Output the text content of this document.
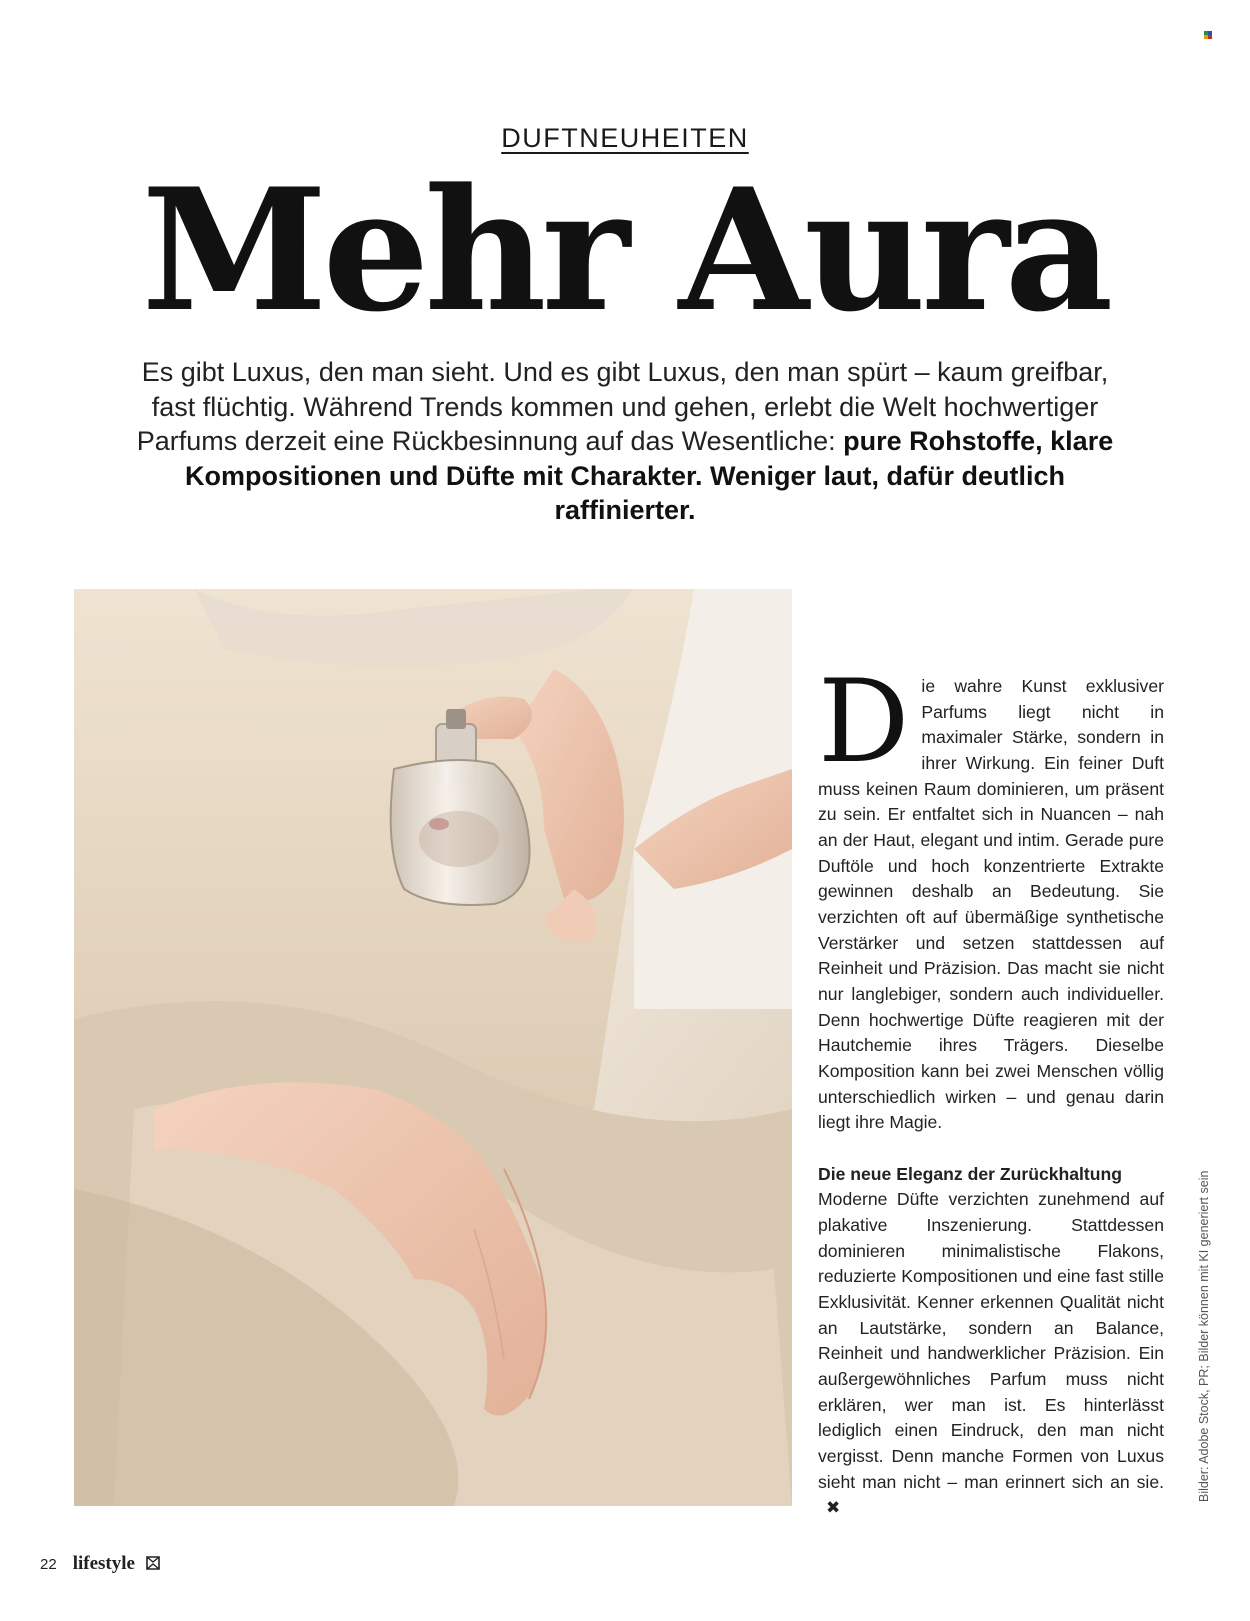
DUFTNEUHEITEN
Mehr Aura
Es gibt Luxus, den man sieht. Und es gibt Luxus, den man spürt – kaum greifbar, fast flüchtig. Während Trends kommen und gehen, erlebt die Welt hochwertiger Parfums derzeit eine Rückbesinnung auf das Wesentliche: pure Rohstoffe, klare Kompositionen und Düfte mit Charakter. Weniger laut, dafür deutlich raffinierter.

Die wahre Kunst exklusiver Parfums liegt nicht in maximaler Stärke, sondern in ihrer Wirkung. Ein feiner Duft muss keinen Raum dominieren, um präsent zu sein. Er entfaltet sich in Nuancen – nah an der Haut, elegant und intim. Gerade pure Duftöle und hoch konzentrierte Extrakte gewinnen deshalb an Bedeutung. Sie verzichten oft auf übermäßige synthetische Verstärker und setzen stattdessen auf Reinheit und Präzision. Das macht sie nicht nur langlebiger, sondern auch individueller. Denn hochwertige Düfte reagieren mit der Hautchemie ihres Trägers. Dieselbe Komposition kann bei zwei Menschen völlig unterschiedlich wirken – und genau darin liegt ihre Magie.

Die neue Eleganz der Zurückhaltung

Moderne Düfte verzichten zunehmend auf plakative Inszenierung. Stattdessen dominieren minimalistische Flakons, reduzierte Kompositionen und eine fast stille Exklusivität. Kenner erkennen Qualität nicht an Lautstärke, sondern an Balance, Reinheit und handwerklicher Präzision. Ein außergewöhnliches Parfum muss nicht erklären, wer man ist. Es hinterlässt lediglich einen Eindruck, den man nicht vergisst. Denn manche Formen von Luxus sieht man nicht – man erinnert sich an sie.✖

Bilder: Adobe Stock, PR; Bilder können mit KI generiert sein
22 lifestyle
